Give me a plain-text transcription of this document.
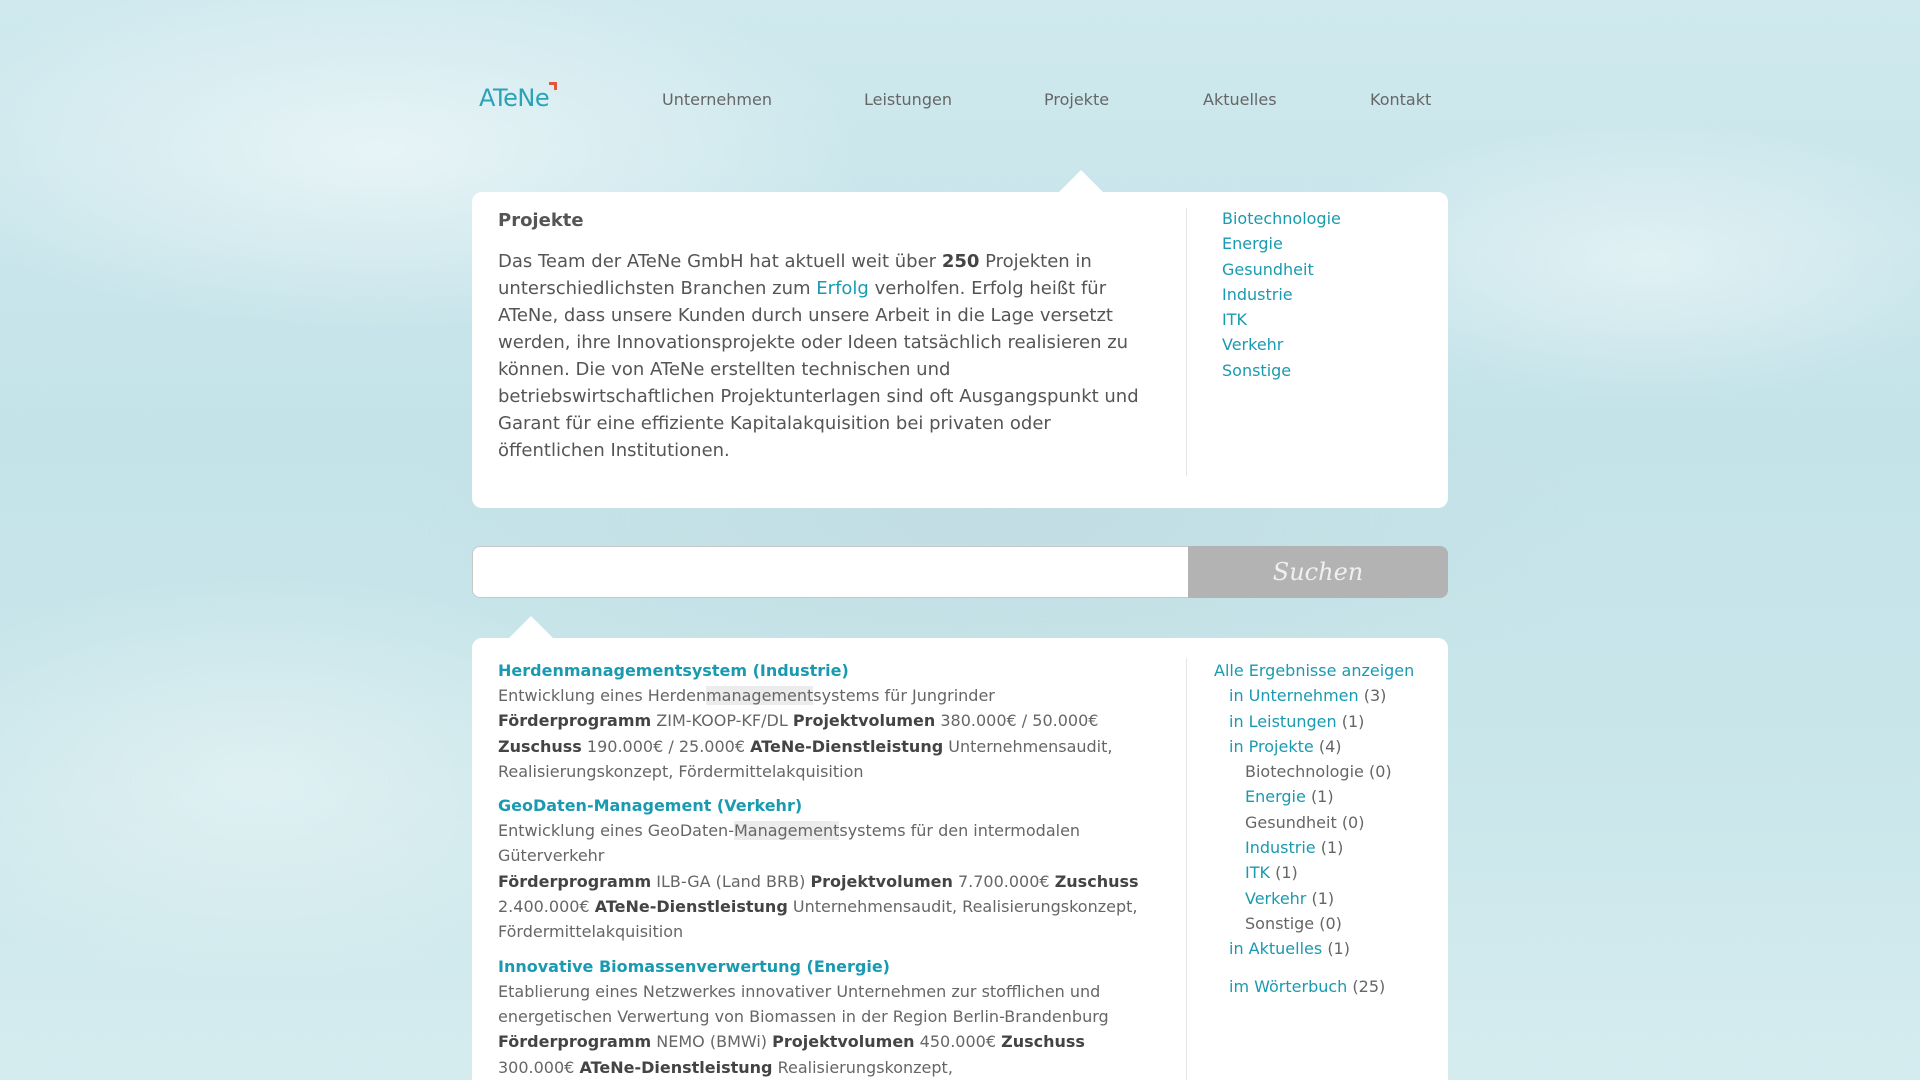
ATeNe	Unternehmen	Leistungen	Projekte	Aktuelles	Kontakt
Projekte

Das Team der ATeNe GmbH hat aktuell weit über 250 Projekten in unterschiedlichsten Branchen zum Erfolg verholfen. Erfolg heißt für ATeNe, dass unsere Kunden durch unsere Arbeit in die Lage versetzt werden, ihre Innovationsprojekte oder Ideen tatsächlich realisieren zu können. Die von ATeNe erstellten technischen und betriebswirtschaftlichen Projektunterlagen sind oft Ausgangspunkt und Garant für eine effiziente Kapitalakquisition bei privaten oder öffentlichen Institutionen.

Biotechnologie
Energie
Gesundheit
Industrie
ITK
Verkehr
Sonstige
Suchen
Herdenmanagementsystem (Industrie)
Entwicklung eines Herdenmanagementsystems für Jungrinder
Förderprogramm ZIM-KOOP-KF/DL Projektvolumen 380.000€ / 50.000€
Zuschuss 190.000€ / 25.000€ ATeNe-Dienstleistung Unternehmensaudit, Realisierungskonzept, Fördermittelakquisition
GeoDaten-Management (Verkehr)
Entwicklung eines GeoDaten-Managementsystems für den intermodalen Güterverkehr
Förderprogramm ILB-GA (Land BRB) Projektvolumen 7.700.000€ Zuschuss 2.400.000€ ATeNe-Dienstleistung Unternehmensaudit, Realisierungskonzept, Fördermittelakquisition
Innovative Biomassenverwertung (Energie)
Etablierung eines Netzwerkes innovativer Unternehmen zur stofflichen und energetischen Verwertung von Biomassen in der Region Berlin-Brandenburg
Förderprogramm NEMO (BMWi) Projektvolumen 450.000€ Zuschuss 300.000€ ATeNe-Dienstleistung Realisierungskonzept,
Alle Ergebnisse anzeigen
in Unternehmen (3)
in Leistungen (1)
in Projekte (4)
Biotechnologie (0)
Energie (1)
Gesundheit (0)
Industrie (1)
ITK (1)
Verkehr (1)
Sonstige (0)
in Aktuelles (1)
im Wörterbuch (25)
